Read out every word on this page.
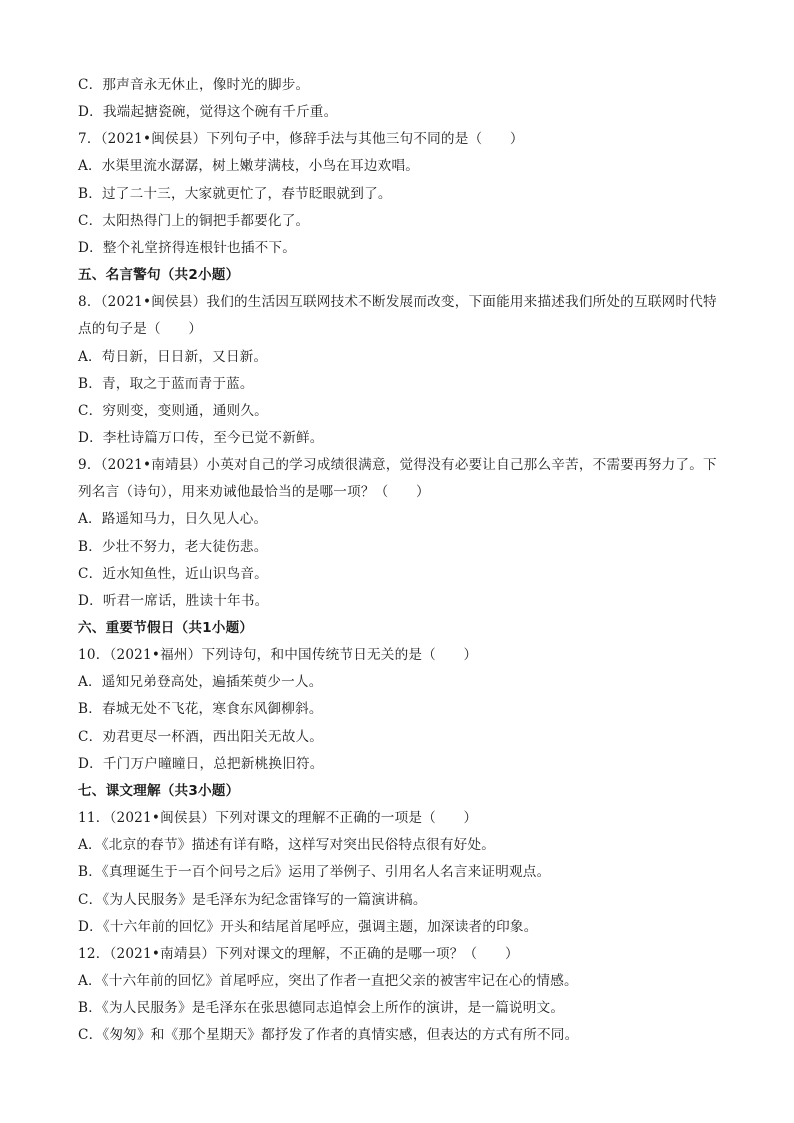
C．那声音永无休止，像时光的脚步。
D．我端起搪瓷碗，觉得这个碗有千斤重。
7．（2021•闽侯县）下列句子中，修辞手法与其他三句不同的是（　　）
A．水渠里流水潺潺，树上嫩芽满枝，小鸟在耳边欢唱。
B．过了二十三，大家就更忙了，春节眨眼就到了。
C．太阳热得门上的铜把手都要化了。
D．整个礼堂挤得连根针也插不下。
五、名言警句（共2小题）
8．（2021•闽侯县）我们的生活因互联网技术不断发展而改变，下面能用来描述我们所处的互联网时代特
点的句子是（　　）
A．苟日新，日日新，又日新。
B．青，取之于蓝而青于蓝。
C．穷则变，变则通，通则久。
D．李杜诗篇万口传，至今已觉不新鲜。
9．（2021•南靖县）小英对自己的学习成绩很满意，觉得没有必要让自己那么辛苦，不需要再努力了。下
列名言（诗句），用来劝诫他最恰当的是哪一项？（　　）
A．路遥知马力，日久见人心。
B．少壮不努力，老大徒伤悲。
C．近水知鱼性，近山识鸟音。
D．听君一席话，胜读十年书。
六、重要节假日（共1小题）
10．（2021•福州）下列诗句，和中国传统节日无关的是（　　）
A．遥知兄弟登高处，遍插茱萸少一人。
B．春城无处不飞花，寒食东风御柳斜。
C．劝君更尽一杯酒，西出阳关无故人。
D．千门万户曈曈日，总把新桃换旧符。
七、课文理解（共3小题）
11．（2021•闽侯县）下列对课文的理解不正确的一项是（　　）
A．《北京的春节》描述有详有略，这样写对突出民俗特点很有好处。
B．《真理诞生于一百个问号之后》运用了举例子、引用名人名言来证明观点。
C．《为人民服务》是毛泽东为纪念雷锋写的一篇演讲稿。
D．《十六年前的回忆》开头和结尾首尾呼应，强调主题，加深读者的印象。
12．（2021•南靖县）下列对课文的理解，不正确的是哪一项？（　　）
A．《十六年前的回忆》首尾呼应，突出了作者一直把父亲的被害牢记在心的情感。
B．《为人民服务》是毛泽东在张思德同志追悼会上所作的演讲，是一篇说明文。
C．《匆匆》和《那个星期天》都抒发了作者的真情实感，但表达的方式有所不同。
